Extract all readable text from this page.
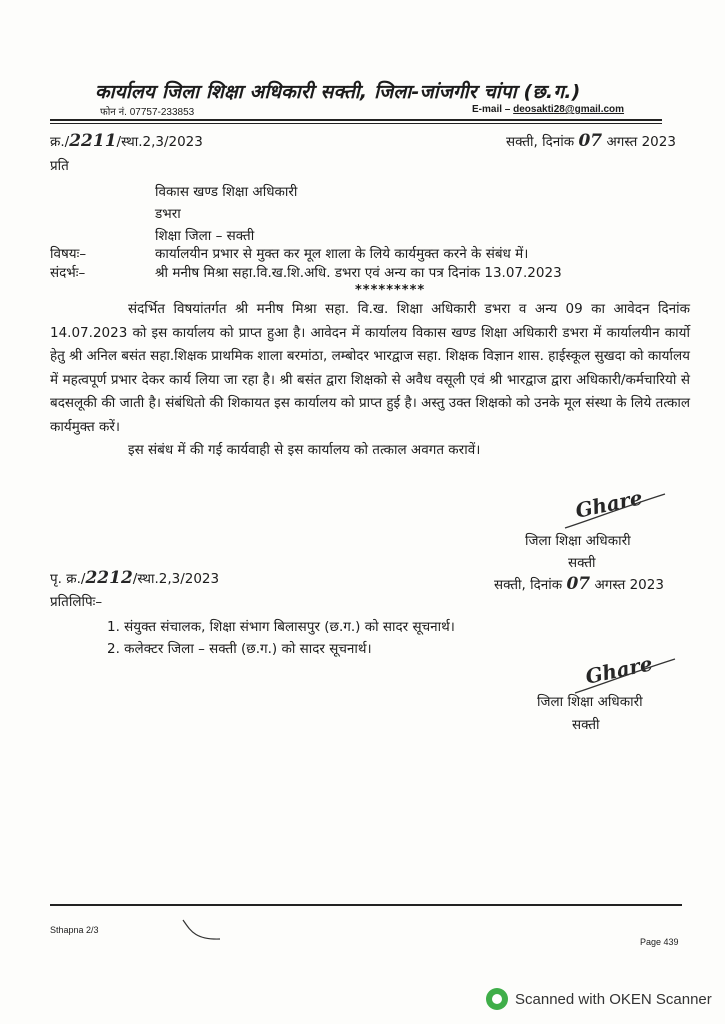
कार्यालय जिला शिक्षा अधिकारी सक्ती, जिला-जांजगीर चांपा (छ.ग.)
फोन नं. 07757-233853	E-mail – deosakti28@gmail.com
क्र./2211/स्था.2,3/2023	सक्ती, दिनांक 07 अगस्त 2023
प्रति
विकास खण्ड शिक्षा अधिकारी
डभरा
शिक्षा जिला – सक्ती
विषयः–	कार्यालयीन प्रभार से मुक्त कर मूल शाला के लिये कार्यमुक्त करने के संबंध में।
संदर्भः–	श्री मनीष मिश्रा सहा.वि.ख.शि.अधि. डभरा एवं अन्य का पत्र दिनांक 13.07.2023
*********

संदर्भित विषयांतर्गत श्री मनीष मिश्रा सहा. वि.ख. शिक्षा अधिकारी डभरा व अन्य 09 का आवेदन दिनांक 14.07.2023 को इस कार्यालय को प्राप्त हुआ है। आवेदन में कार्यालय विकास खण्ड शिक्षा अधिकारी डभरा में कार्यालयीन कार्यो हेतु श्री अनिल बसंत सहा.शिक्षक प्राथमिक शाला बरमांठा, लम्बोदर भारद्वाज सहा. शिक्षक विज्ञान शास. हाईस्कूल सुखदा को कार्यालय में महत्वपूर्ण प्रभार देकर कार्य लिया जा रहा है। श्री बसंत द्वारा शिक्षको से अवैध वसूली एवं श्री भारद्वाज द्वारा अधिकारी/कर्मचारियो से बदसलूकी की जाती है। संबंधितो की शिकायत इस कार्यालय को प्राप्त हुई है। अस्तु उक्त शिक्षको को उनके मूल संस्था के लिये तत्काल कार्यमुक्त करें।

इस संबंध में की गई कार्यवाही से इस कार्यालय को तत्काल अवगत करावें।

Ghare
जिला शिक्षा अधिकारी
सक्ती
पृ. क्र./2212/स्था.2,3/2023	सक्ती, दिनांक 07 अगस्त 2023
प्रतिलिपिः–
1. संयुक्त संचालक, शिक्षा संभाग बिलासपुर (छ.ग.) को सादर सूचनार्थ।
2. कलेक्टर जिला – सक्ती (छ.ग.) को सादर सूचनार्थ।
Ghare
जिला शिक्षा अधिकारी
सक्ती
Sthapna 2/3
Page 439
Scanned with OKEN Scanner
